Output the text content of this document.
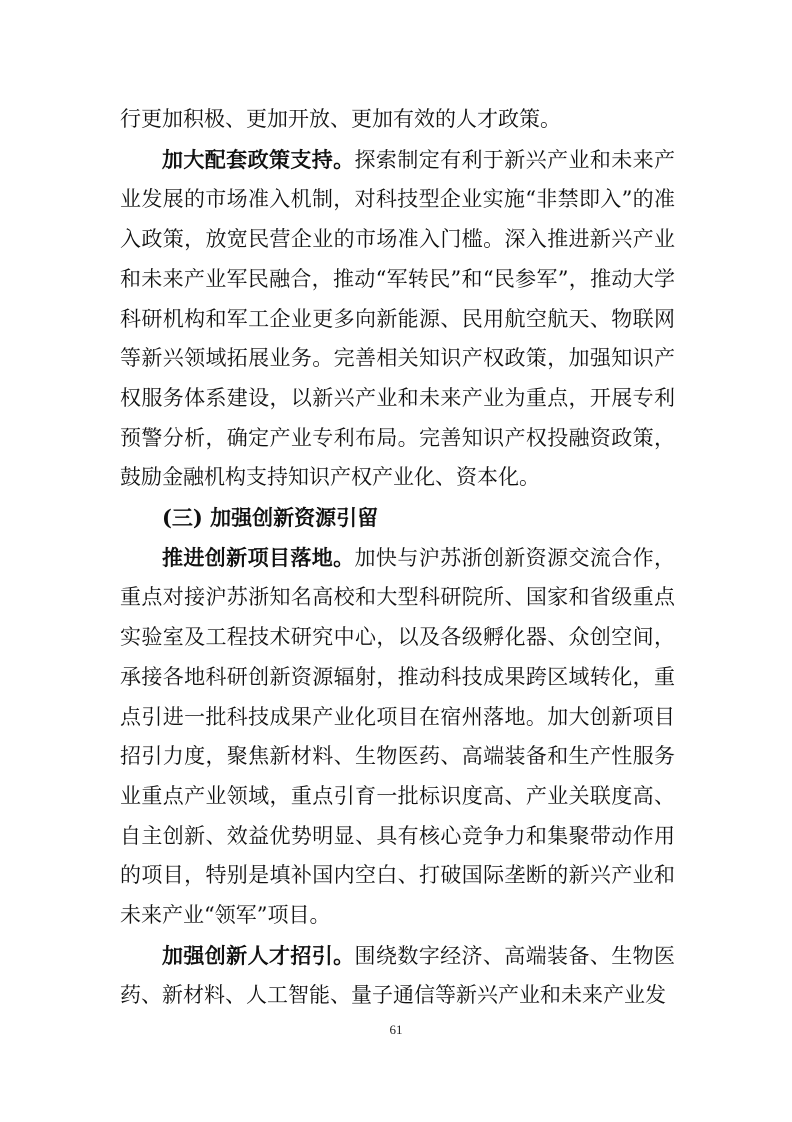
行更加积极、更加开放、更加有效的人才政策。

加大配套政策支持。探索制定有利于新兴产业和未来产业发展的市场准入机制，对科技型企业实施“非禁即入”的准入政策，放宽民营企业的市场准入门槛。深入推进新兴产业和未来产业军民融合，推动“军转民”和“民参军”，推动大学科研机构和军工企业更多向新能源、民用航空航天、物联网等新兴领域拓展业务。完善相关知识产权政策，加强知识产权服务体系建设，以新兴产业和未来产业为重点，开展专利预警分析，确定产业专利布局。完善知识产权投融资政策，鼓励金融机构支持知识产权产业化、资本化。

(三) 加强创新资源引留

推进创新项目落地。加快与沪苏浙创新资源交流合作，重点对接沪苏浙知名高校和大型科研院所、国家和省级重点实验室及工程技术研究中心，以及各级孵化器、众创空间，承接各地科研创新资源辐射，推动科技成果跨区域转化，重点引进一批科技成果产业化项目在宿州落地。加大创新项目招引力度，聚焦新材料、生物医药、高端装备和生产性服务业重点产业领域，重点引育一批标识度高、产业关联度高、自主创新、效益优势明显、具有核心竞争力和集聚带动作用的项目，特别是填补国内空白、打破国际垄断的新兴产业和未来产业“领军”项目。

加强创新人才招引。围绕数字经济、高端装备、生物医药、新材料、人工智能、量子通信等新兴产业和未来产业发

61
